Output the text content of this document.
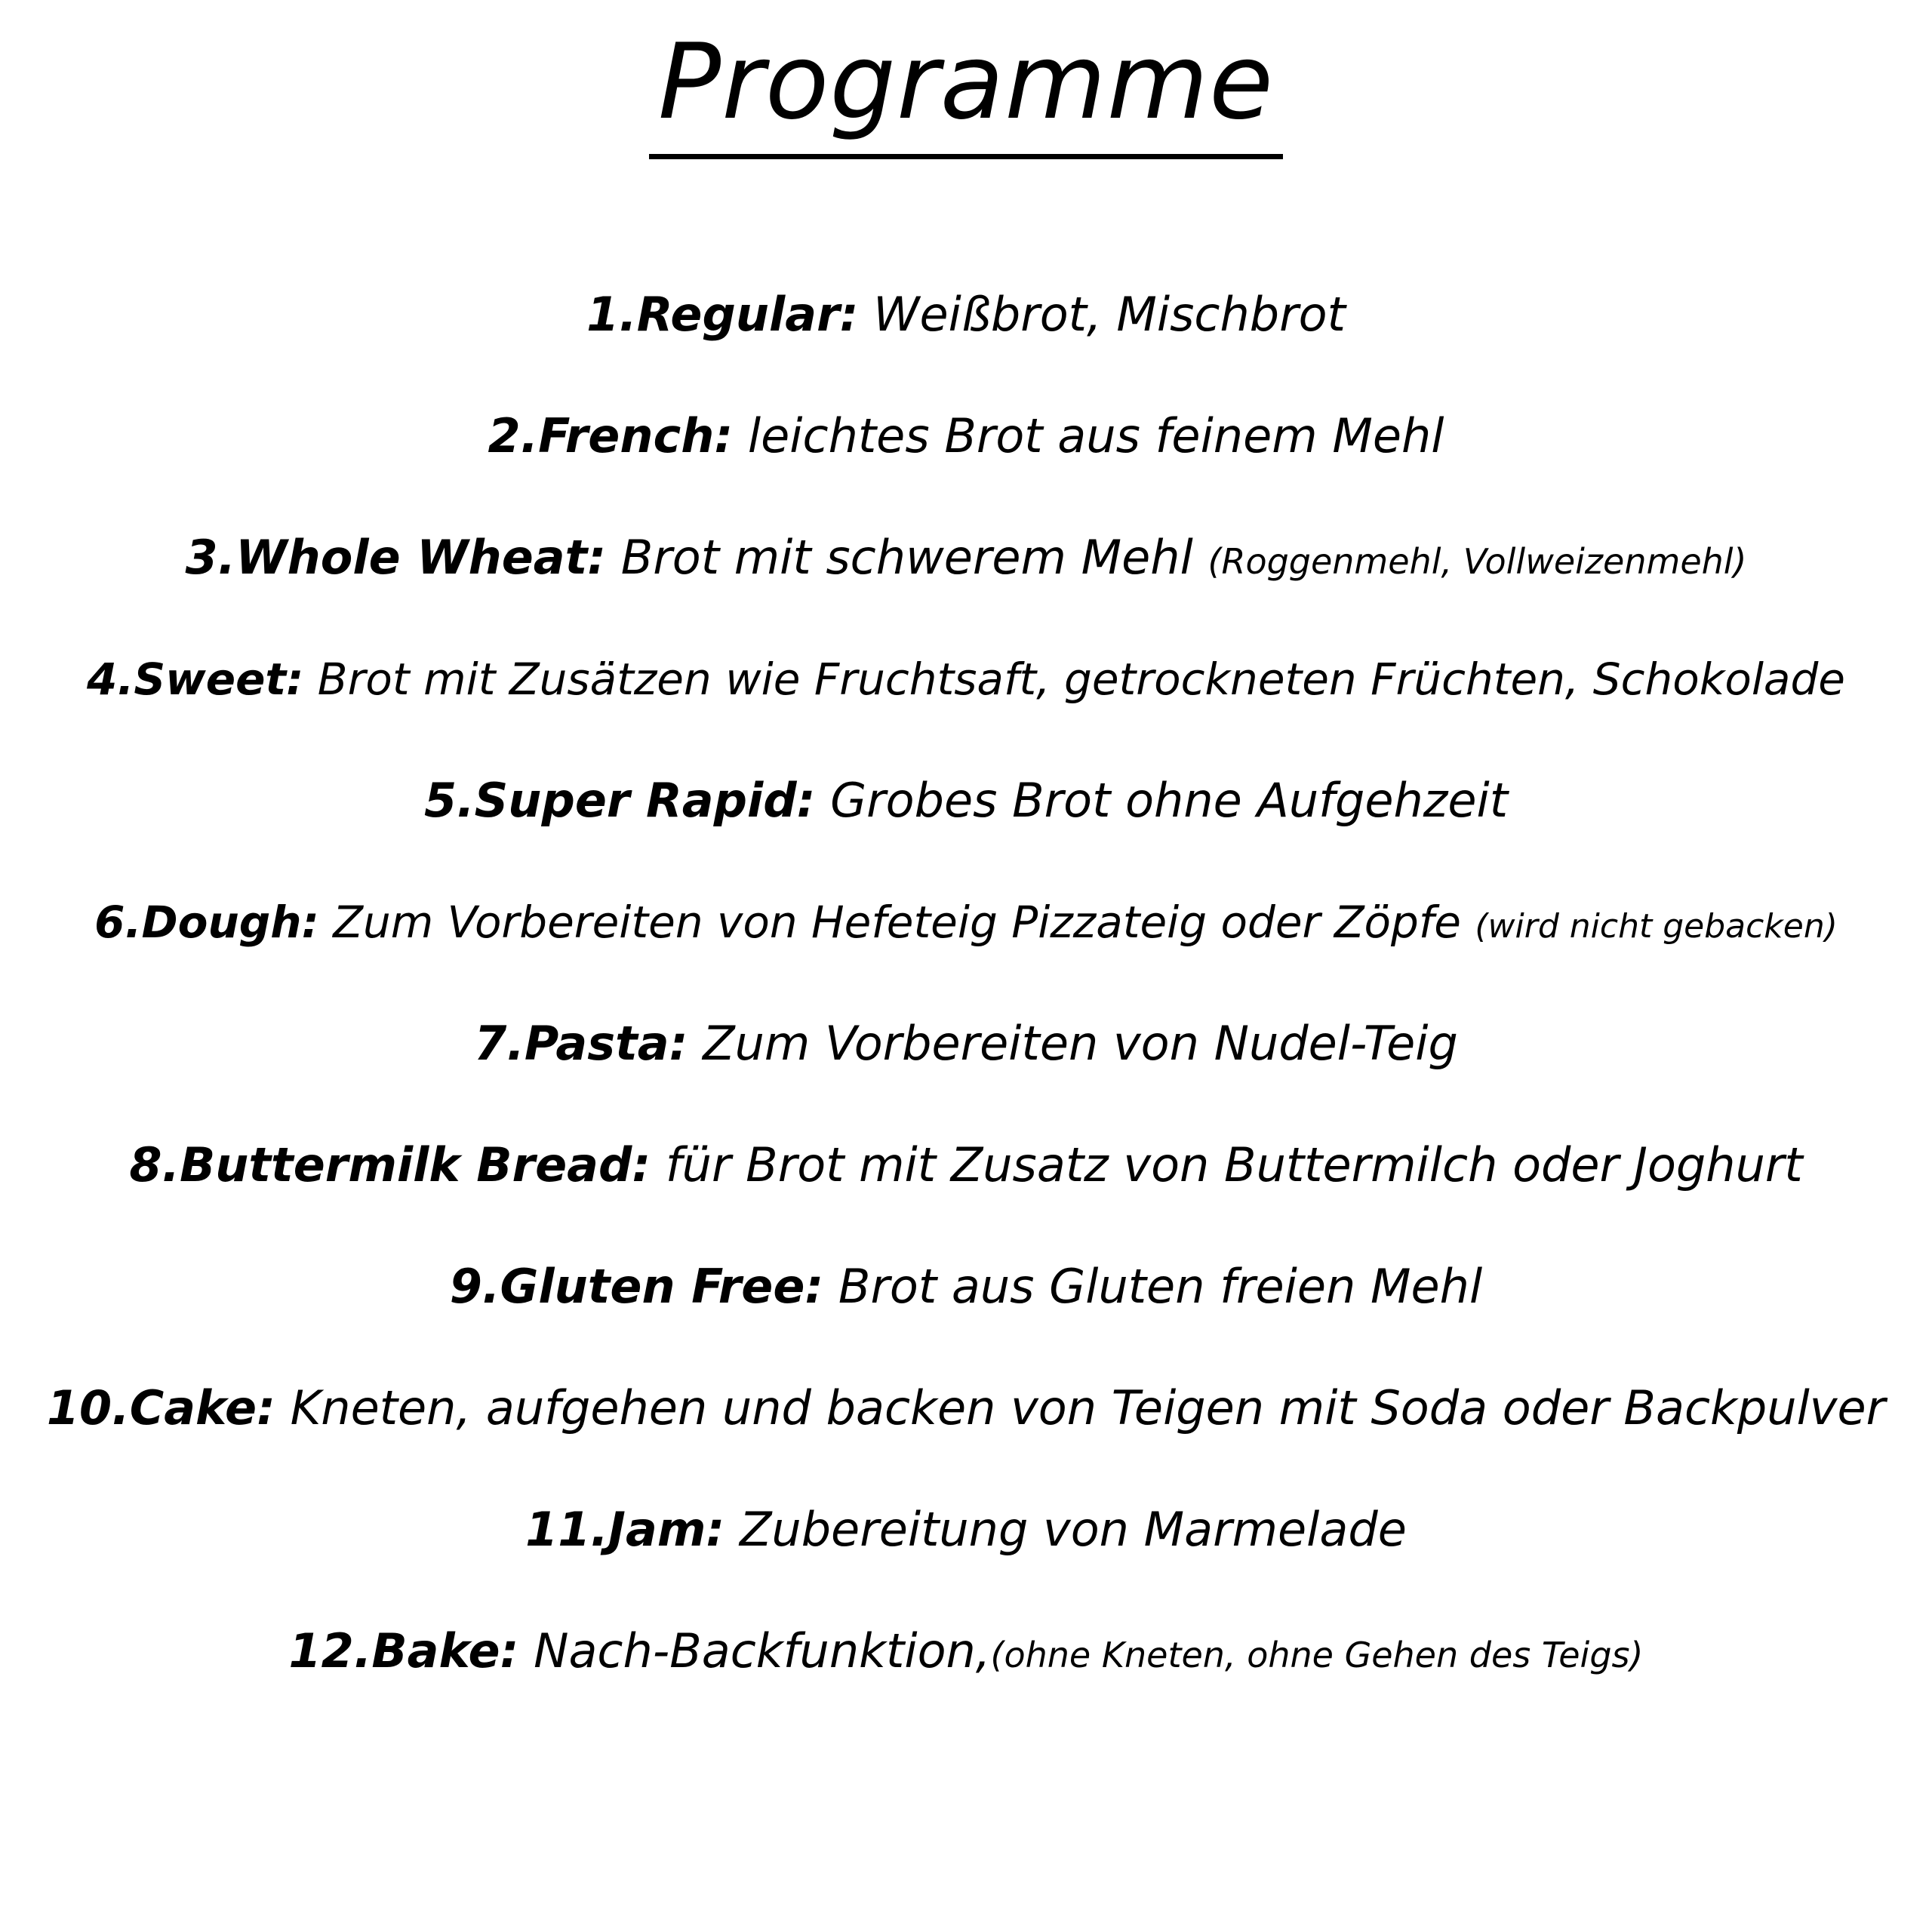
Programme
1.Regular: Weißbrot, Mischbrot
2.French: leichtes Brot aus feinem Mehl
3.Whole Wheat: Brot mit schwerem Mehl (Roggenmehl, Vollweizenmehl)
4.Sweet: Brot mit Zusätzen wie Fruchtsaft, getrockneten Früchten, Schokolade
5.Super Rapid: Grobes Brot ohne Aufgehzeit
6.Dough: Zum Vorbereiten von Hefeteig Pizzateig oder Zöpfe (wird nicht gebacken)
7.Pasta: Zum Vorbereiten von Nudel-Teig
8.Buttermilk Bread: für Brot mit Zusatz von Buttermilch oder Joghurt
9.Gluten Free: Brot aus Gluten freien Mehl
10.Cake: Kneten, aufgehen und backen von Teigen mit Soda oder Backpulver
11.Jam: Zubereitung von Marmelade
12.Bake: Nach-Backfunktion,(ohne Kneten, ohne Gehen des Teigs)
